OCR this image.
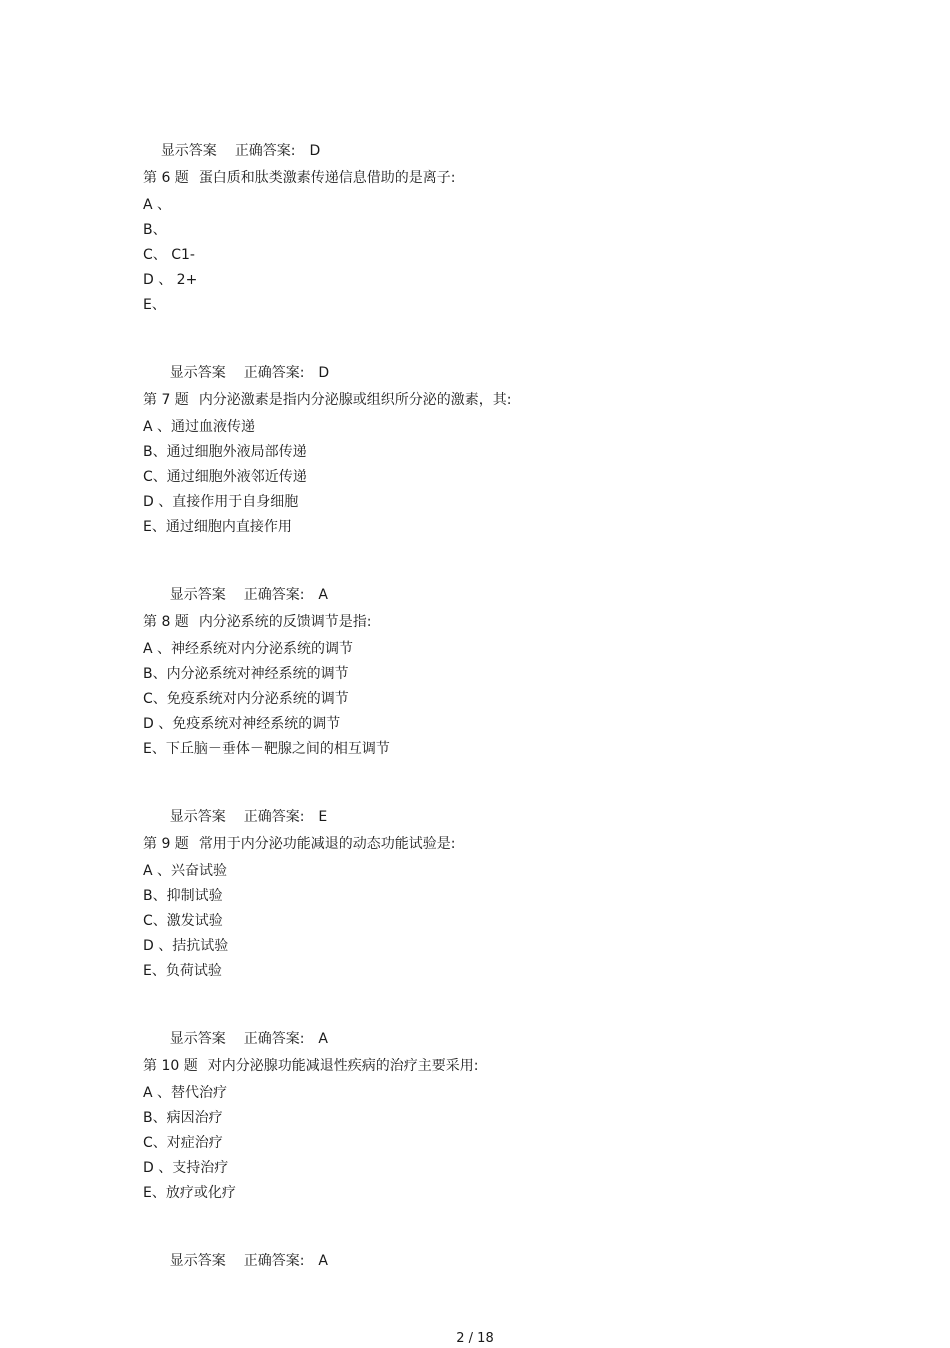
显示答案 正确答案: D

第 6 题 蛋白质和肽类激素传递信息借助的是离子:
A 、
B、
C、 C1-
D 、 2+
E、

显示答案 正确答案: D

第 7 题 内分泌激素是指内分泌腺或组织所分泌的激素，其:
A 、通过血液传递
B、通过细胞外液局部传递
C、通过细胞外液邻近传递
D 、直接作用于自身细胞
E、通过细胞内直接作用

显示答案 正确答案: A

第 8 题 内分泌系统的反馈调节是指:
A 、神经系统对内分泌系统的调节
B、内分泌系统对神经系统的调节
C、免疫系统对内分泌系统的调节
D 、免疫系统对神经系统的调节
E、下丘脑－垂体－靶腺之间的相互调节

显示答案 正确答案: E

第 9 题 常用于内分泌功能减退的动态功能试验是:
A 、兴奋试验
B、抑制试验
C、激发试验
D 、拮抗试验
E、负荷试验

显示答案 正确答案: A

第 10 题 对内分泌腺功能减退性疾病的治疗主要采用:
A 、替代治疗
B、病因治疗
C、对症治疗
D 、支持治疗
E、放疗或化疗

显示答案 正确答案: A

2 / 18
